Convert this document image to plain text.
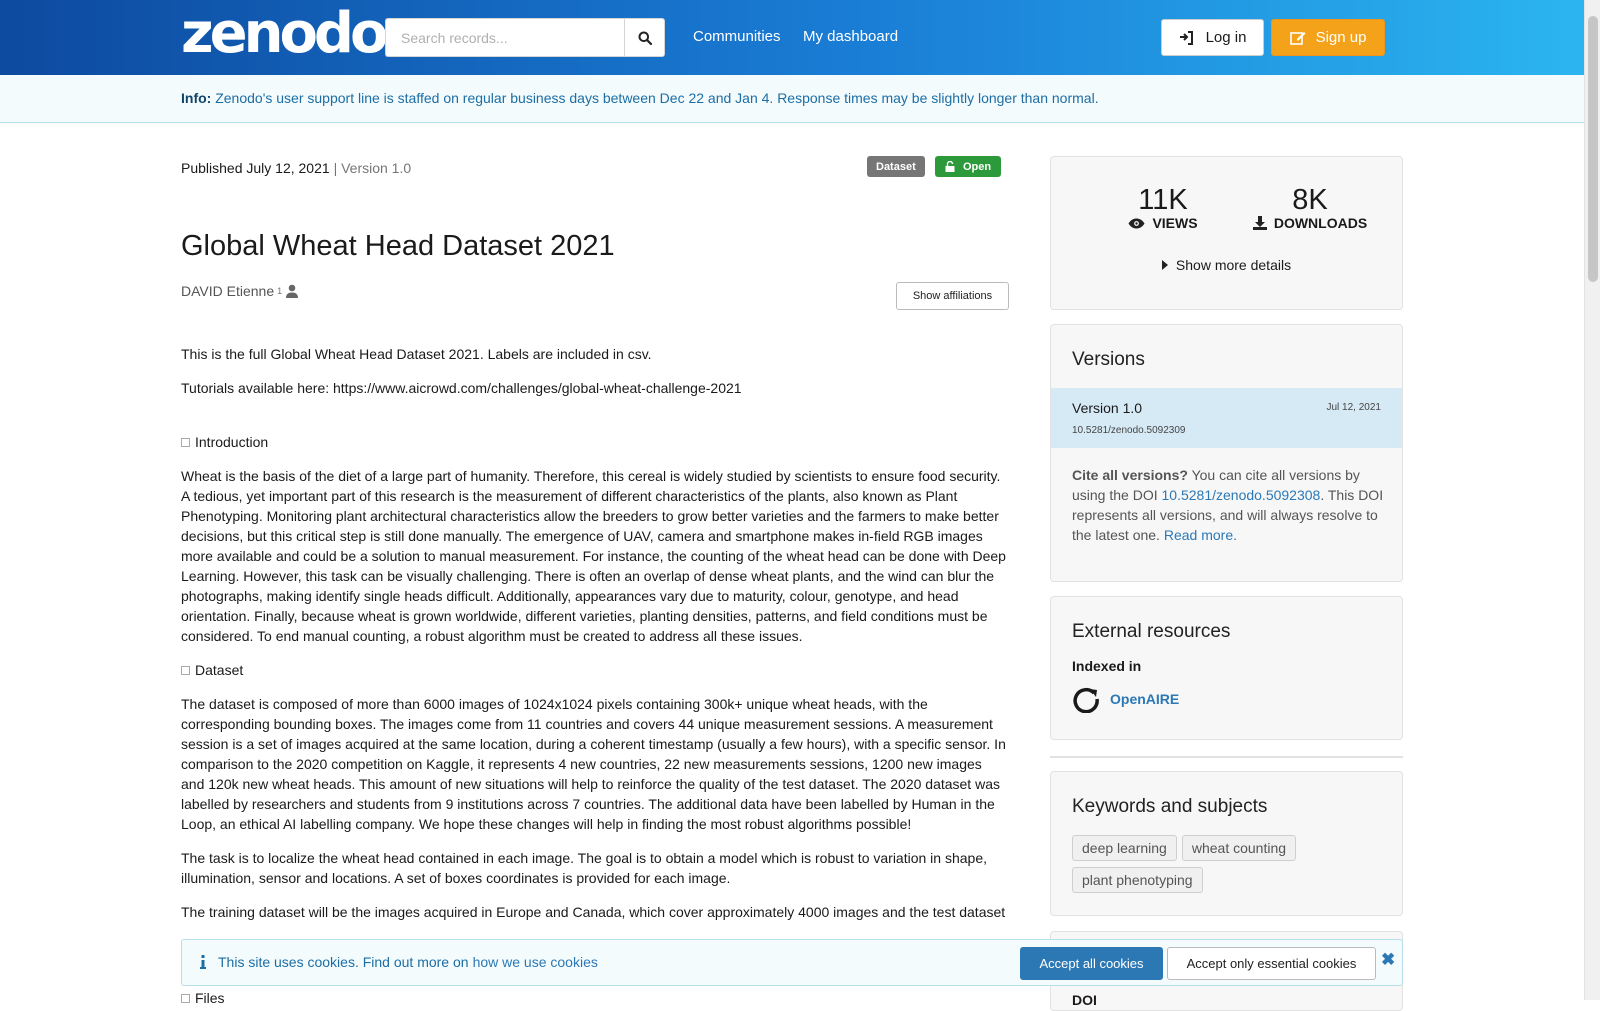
zenodo
Search records...	Communities My dashboard	Log in	Sign up

Info: Zenodo's user support line is staffed on regular business days between Dec 22 and Jan 4. Response times may be slightly longer than normal.

Published July 12, 2021 | Version 1.0	Dataset	Open
Global Wheat Head Dataset 2021
DAVID Etienne 1	Show affiliations

This is the full Global Wheat Head Dataset 2021. Labels are included in csv.

Tutorials available here: https://www.aicrowd.com/challenges/global-wheat-challenge-2021

Introduction

Wheat is the basis of the diet of a large part of humanity. Therefore, this cereal is widely studied by scientists to ensure food security. A tedious, yet important part of this research is the measurement of different characteristics of the plants, also known as Plant Phenotyping. Monitoring plant architectural characteristics allow the breeders to grow better varieties and the farmers to make better decisions, but this critical step is still done manually. The emergence of UAV, camera and smartphone makes in-field RGB images more available and could be a solution to manual measurement. For instance, the counting of the wheat head can be done with Deep Learning. However, this task can be visually challenging. There is often an overlap of dense wheat plants, and the wind can blur the photographs, making identify single heads difficult. Additionally, appearances vary due to maturity, colour, genotype, and head orientation. Finally, because wheat is grown worldwide, different varieties, planting densities, patterns, and field conditions must be considered. To end manual counting, a robust algorithm must be created to address all these issues.

Dataset

The dataset is composed of more than 6000 images of 1024x1024 pixels containing 300k+ unique wheat heads, with the corresponding bounding boxes. The images come from 11 countries and covers 44 unique measurement sessions. A measurement session is a set of images acquired at the same location, during a coherent timestamp (usually a few hours), with a specific sensor. In comparison to the 2020 competition on Kaggle, it represents 4 new countries, 22 new measurements sessions, 1200 new images and 120k new wheat heads. This amount of new situations will help to reinforce the quality of the test dataset. The 2020 dataset was labelled by researchers and students from 9 institutions across 7 countries. The additional data have been labelled by Human in the Loop, an ethical AI labelling company. We hope these changes will help in finding the most robust algorithms possible!

The task is to localize the wheat head contained in each image. The goal is to obtain a model which is robust to variation in shape, illumination, sensor and locations. A set of boxes coordinates is provided for each image.

The training dataset will be the images acquired in Europe and Canada, which cover approximately 4000 images and the test dataset

11K
VIEWS
8K
DOWNLOADS
Show more details
Versions
Version 1.0
10.5281/zenodo.5092309
Jul 12, 2021
Cite all versions? You can cite all versions by using the DOI 10.5281/zenodo.5092308. This DOI represents all versions, and will always resolve to the latest one. Read more.
External resources
Indexed in
OpenAIRE
Keywords and subjects
deep learning	wheat counting
plant phenotyping
DOI
Files
This site uses cookies. Find out more on how we use cookies	Accept all cookies	Accept only essential cookies	✖
